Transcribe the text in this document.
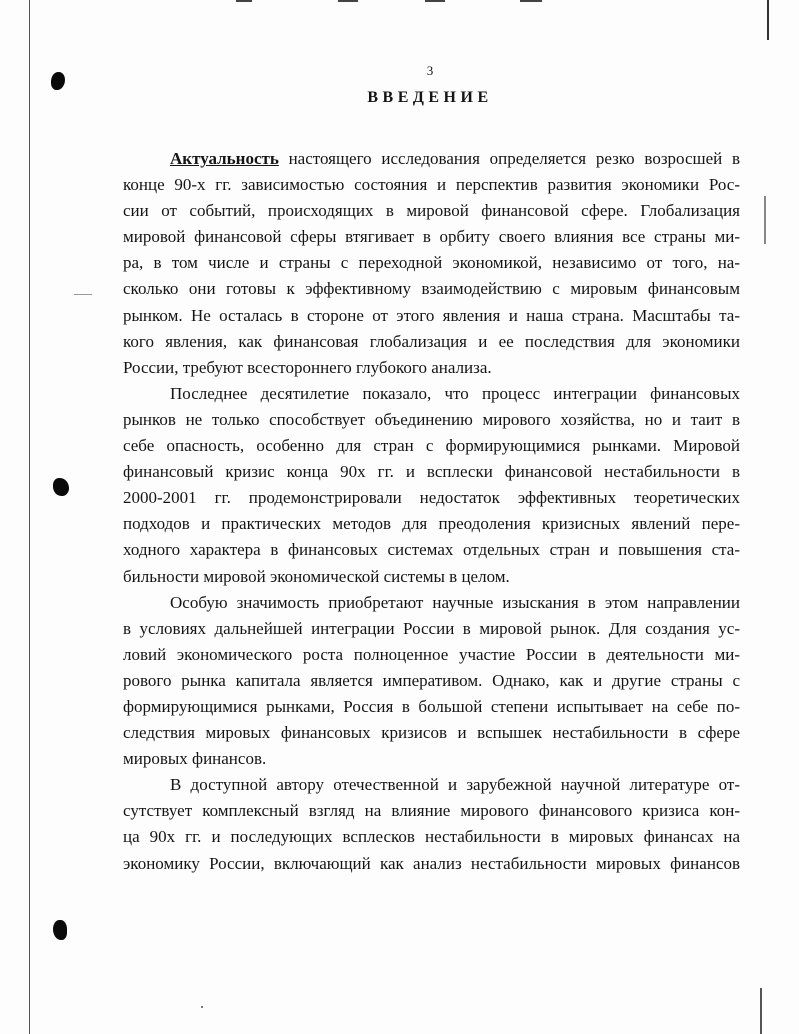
3

ВВЕДЕНИЕ
Актуальность настоящего исследования определяется резко возросшей в
конце 90-х гг. зависимостью состояния и перспектив развития экономики Рос-
сии от событий, происходящих в мировой финансовой сфере. Глобализация
мировой финансовой сферы втягивает в орбиту своего влияния все страны ми-
ра, в том числе и страны с переходной экономикой, независимо от того, на-
сколько они готовы к эффективному взаимодействию с мировым финансовым
рынком. Не осталась в стороне от этого явления и наша страна. Масштабы та-
кого явления, как финансовая глобализация и ее последствия для экономики
России, требуют всестороннего глубокого анализа.
Последнее десятилетие показало, что процесс интеграции финансовых
рынков не только способствует объединению мирового хозяйства, но и таит в
себе опасность, особенно для стран с формирующимися рынками. Мировой
финансовый кризис конца 90х гг. и всплески финансовой нестабильности в
2000-2001 гг. продемонстрировали недостаток эффективных теоретических
подходов и практических методов для преодоления кризисных явлений пере-
ходного характера в финансовых системах отдельных стран и повышения ста-
бильности мировой экономической системы в целом.
Особую значимость приобретают научные изыскания в этом направлении
в условиях дальнейшей интеграции России в мировой рынок. Для создания ус-
ловий экономического роста полноценное участие России в деятельности ми-
рового рынка капитала является императивом. Однако, как и другие страны с
формирующимися рынками, Россия в большой степени испытывает на себе по-
следствия мировых финансовых кризисов и вспышек нестабильности в сфере
мировых финансов.
В доступной автору отечественной и зарубежной научной литературе от-
сутствует комплексный взгляд на влияние мирового финансового кризиса кон-
ца 90х гг. и последующих всплесков нестабильности в мировых финансах на
экономику России, включающий как анализ нестабильности мировых финансов
